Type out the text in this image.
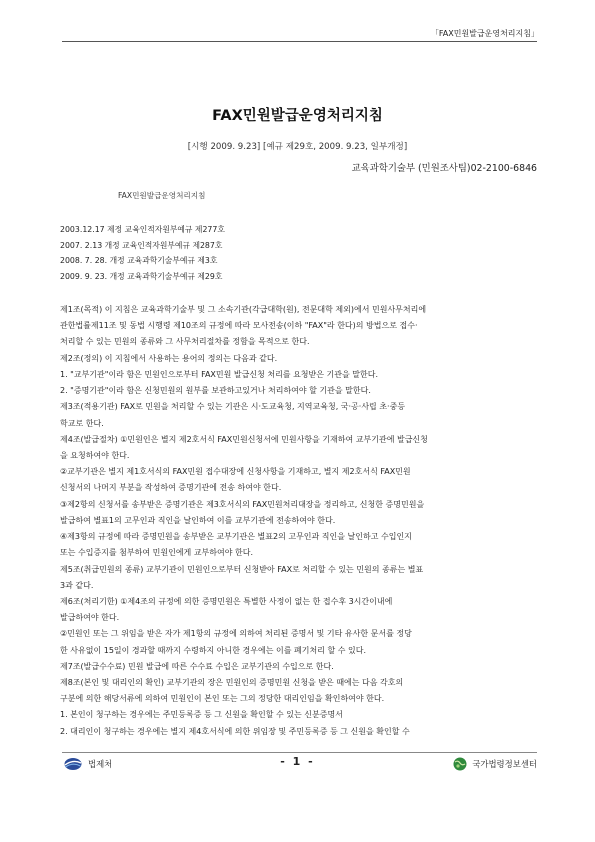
「FAX민원발급운영처리지침」
FAX민원발급운영처리지침
[시행 2009. 9.23] [예규 제29호, 2009. 9.23, 일부개정]
교육과학기술부 (민원조사팀)02-2100-6846
FAX민원발급운영처리지침
2003.12.17 제정 교육인적자원부예규 제277호
2007. 2.13 개정 교육인적자원부예규 제287호
2008. 7. 28. 개정 교육과학기술부예규 제3호
2009. 9. 23. 개정 교육과학기술부예규 제29호
제1조(목적) 이 지침은 교육과학기술부 및 그 소속기관(각급대학(원), 전문대학 제외)에서 민원사무처리에
관한법률제11조 및 동법 시행령 제10조의 규정에 따라 모사전송(이하 "FAX"라 한다)의 방법으로 접수·
처리할 수 있는 민원의 종류와 그 사무처리절차를 정함을 목적으로 한다.
제2조(정의) 이 지침에서 사용하는 용어의 정의는 다음과 같다.
1. "교부기관"이라 함은 민원인으로부터 FAX민원 발급신청 처리를 요청받은 기관을 말한다.
2. "증명기관"이라 함은 신청민원의 원부를 보관하고있거나 처리하여야 할 기관을 말한다.
제3조(적용기관) FAX로 민원을 처리할 수 있는 기관은 시·도교육청, 지역교육청, 국·공·사립 초·중등
학교로 한다.
제4조(발급절차) ①민원인은 별지 제2호서식 FAX민원신청서에 민원사항을 기재하여 교부기관에 발급신청
을 요청하여야 한다.
②교부기관은 별지 제1호서식의 FAX민원 접수대장에 신청사항을 기재하고, 별지 제2호서식 FAX민원
신청서의 나머지 부분을 작성하여 증명기관에 전송 하여야 한다.
③제2항의 신청서를 송부받은 증명기관은 제3호서식의 FAX민원처리대장을 정리하고, 신청한 증명민원을
발급하여 별표1의 고무인과 직인을 날인하여 이를 교부기관에 전송하여야 한다.
④제3항의 규정에 따라 증명민원을 송부받은 교부기관은 별표2의 고무인과 직인을 날인하고 수입인지
또는 수입증지를 첨부하여 민원인에게 교부하여야 한다.
제5조(취급민원의 종류) 교부기관이 민원인으로부터 신청받아 FAX로 처리할 수 있는 민원의 종류는 별표
3과 같다.
제6조(처리기한) ①제4조의 규정에 의한 증명민원은 특별한 사정이 없는 한 접수후 3시간이내에
발급하여야 한다.
②민원인 또는 그 위임을 받은 자가 제1항의 규정에 의하여 처리된 증명서 및 기타 유사한 문서를 정당
한 사유없이 15일이 경과할 때까지 수령하지 아니한 경우에는 이를 폐기처리 할 수 있다.
제7조(발급수수료) 민원 발급에 따른 수수료 수입은 교부기관의 수입으로 한다.
제8조(본인 및 대리인의 확인) 교부기관의 장은 민원인의 증명민원 신청을 받은 때에는 다음 각호의
구분에 의한 해당서류에 의하여 민원인이 본인 또는 그의 정당한 대리인임을 확인하여야 한다.
1. 본인이 청구하는 경우에는 주민등록증 등 그 신원을 확인할 수 있는 신분증명서
2. 대리인이 청구하는 경우에는 별지 제4호서식에 의한 위임장 및 주민등록증 등 그 신원을 확인할 수
법제처	- 1 -	국가법령정보센터
